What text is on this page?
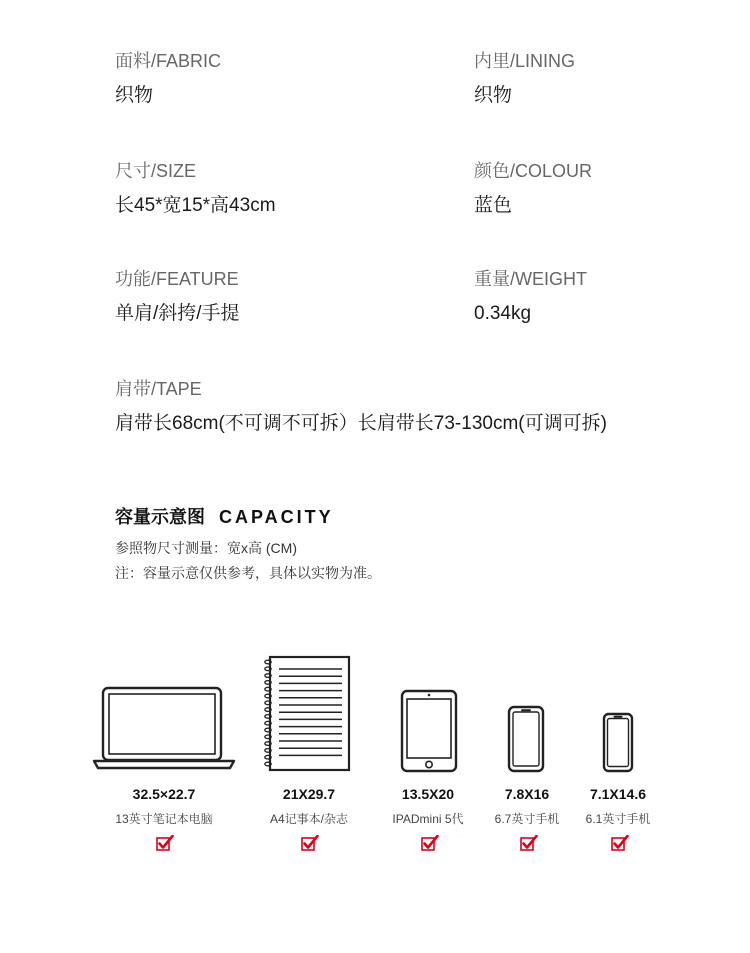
面料/FABRIC
织物
内里/LINING
织物
尺寸/SIZE
长45*宽15*高43cm
颜色/COLOUR
蓝色
功能/FEATURE
单肩/斜挎/手提
重量/WEIGHT
0.34kg
肩带/TAPE
肩带长68cm(不可调不可拆）长肩带长73-130cm(可调可拆)
容量示意图 CAPACITY
参照物尺寸测量：宽x高 (CM)
注：容量示意仅供参考，具体以实物为准。
32.5×22.7
13英寸笔记本电脑
21X29.7
A4记事本/杂志
13.5X20
IPADmini 5代
7.8X16
6.7英寸手机
7.1X14.6
6.1英寸手机
